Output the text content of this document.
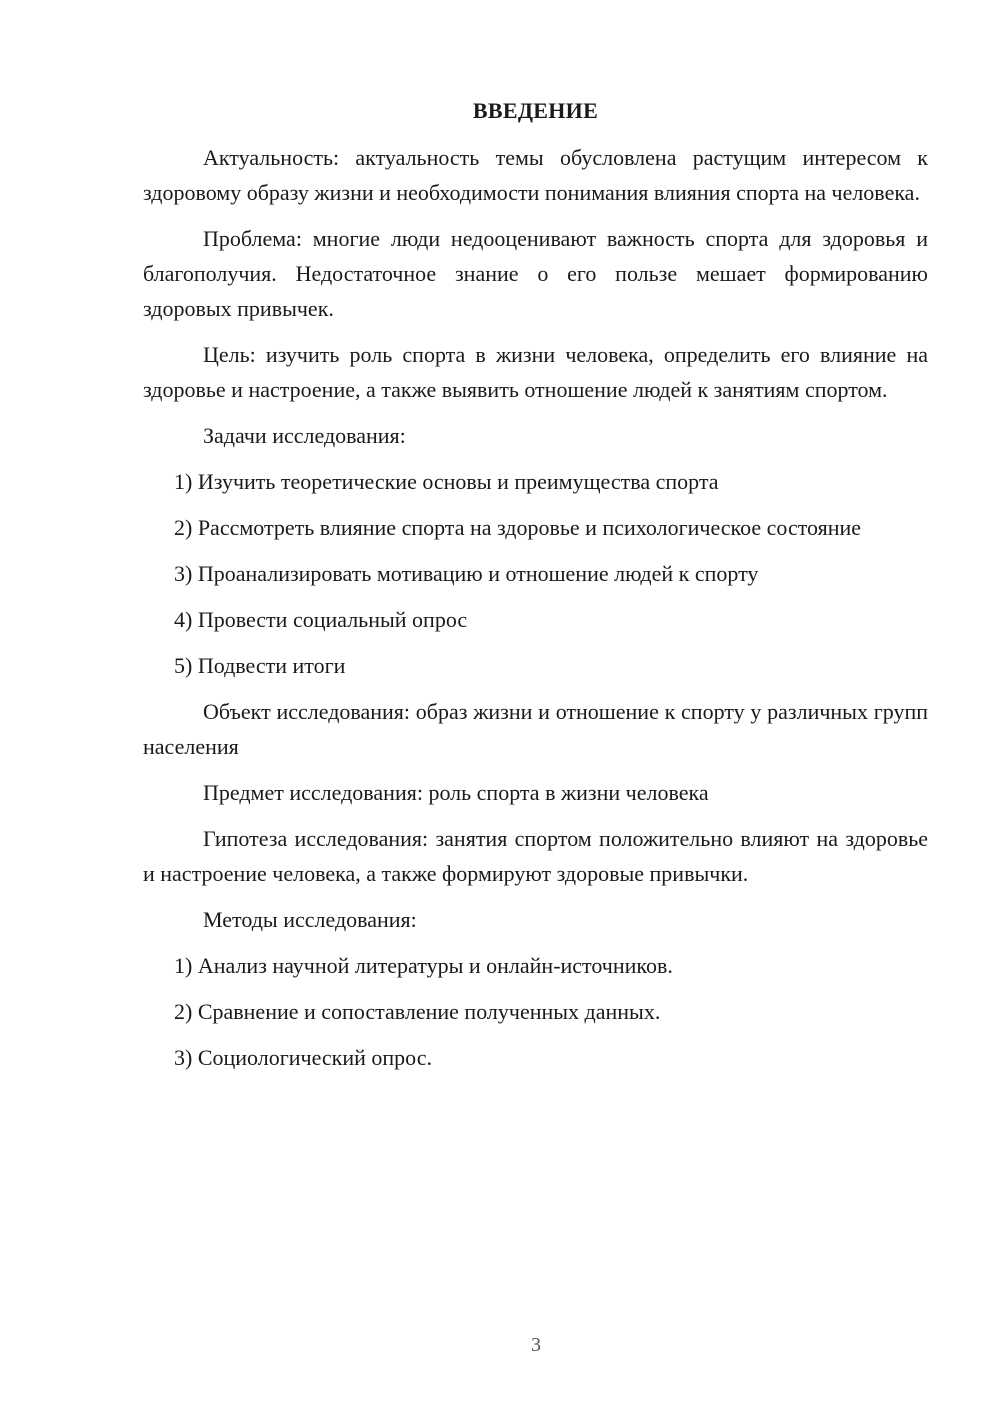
ВВЕДЕНИЕ

Актуальность: актуальность темы обусловлена растущим интересом к здоровому образу жизни и необходимости понимания влияния спорта на человека.

Проблема: многие люди недооценивают важность спорта для здоровья и благополучия. Недостаточное знание о его пользе мешает формированию здоровых привычек.

Цель: изучить роль спорта в жизни человека, определить его влияние на здоровье и настроение, а также выявить отношение людей к занятиям спортом.

Задачи исследования:

1) Изучить теоретические основы и преимущества спорта

2) Рассмотреть влияние спорта на здоровье и психологическое состояние

3) Проанализировать мотивацию и отношение людей к спорту

4) Провести социальный опрос

5) Подвести итоги

Объект исследования: образ жизни и отношение к спорту у различных групп населения

Предмет исследования: роль спорта в жизни человека

Гипотеза исследования: занятия спортом положительно влияют на здоровье и настроение человека, а также формируют здоровые привычки.

Методы исследования:

1) Анализ научной литературы и онлайн-источников.

2) Сравнение и сопоставление полученных данных.

3) Социологический опрос.

3
